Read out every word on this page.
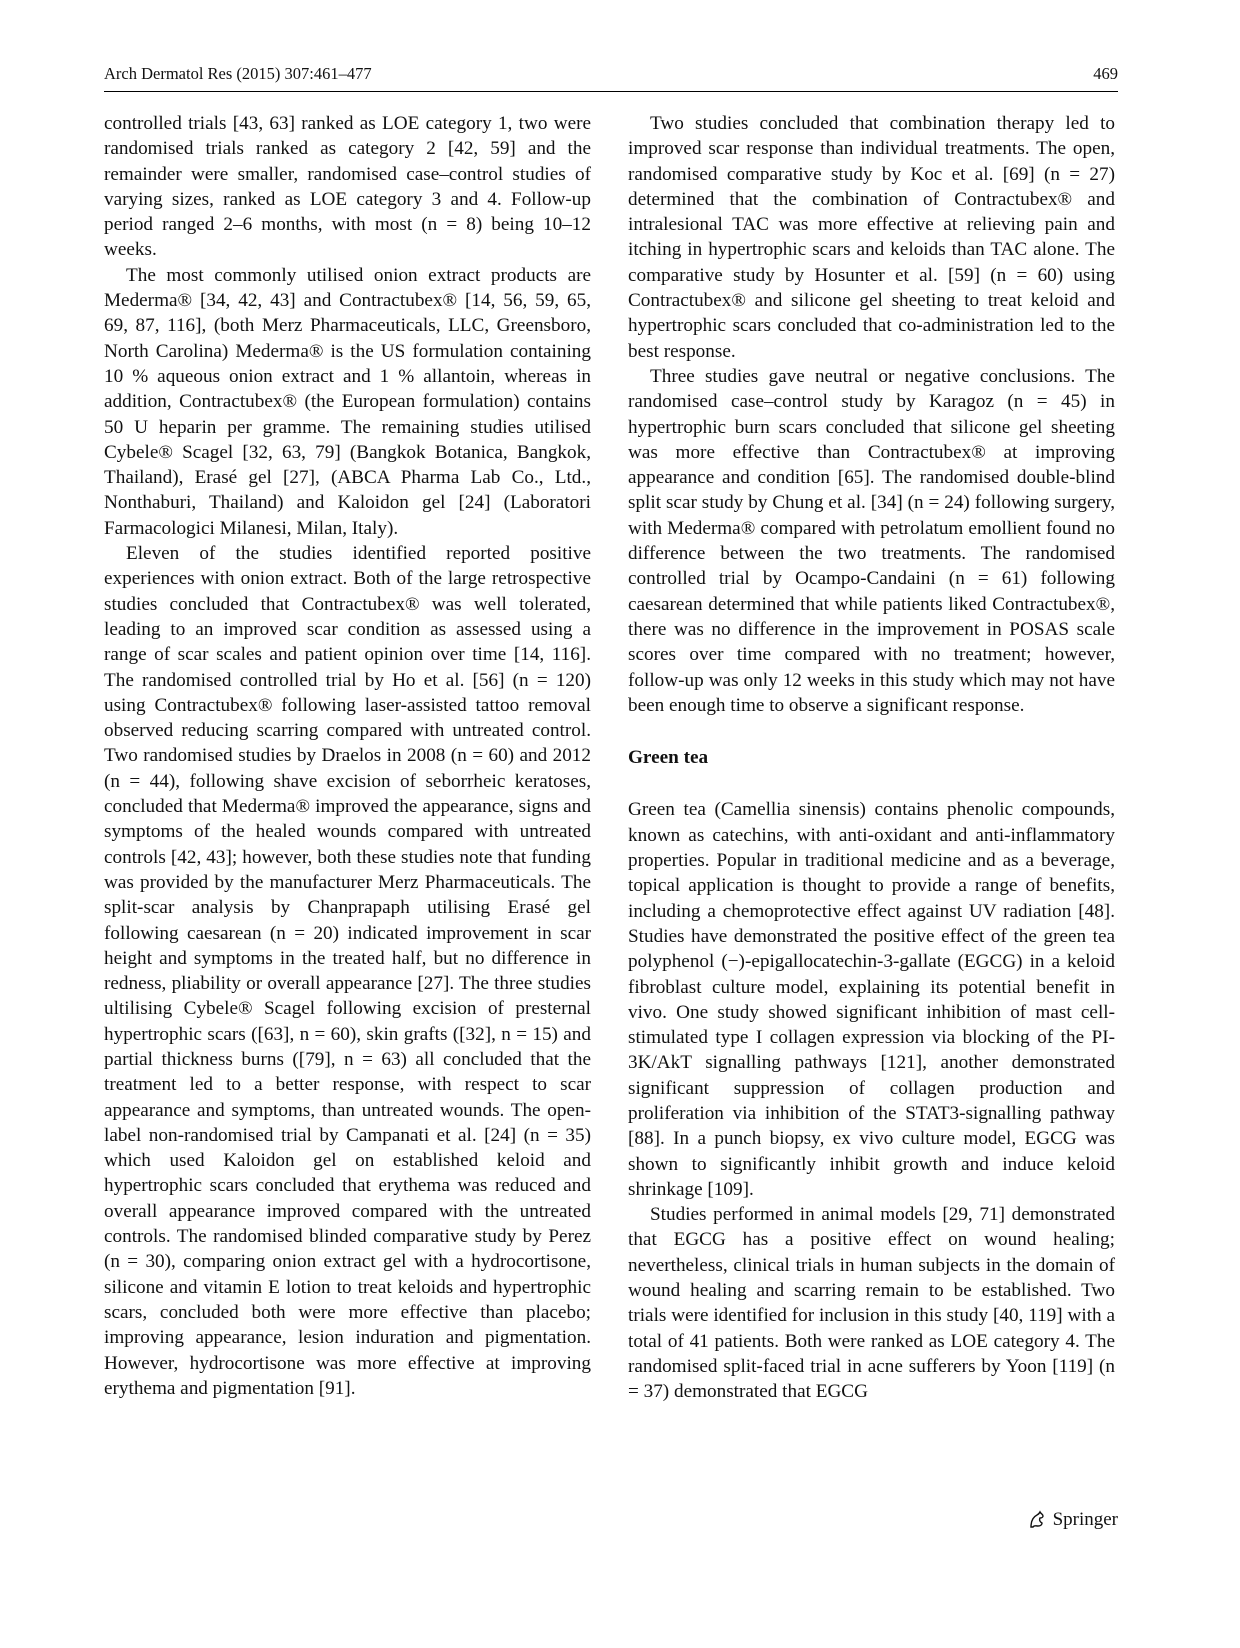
Arch Dermatol Res (2015) 307:461–477	469

controlled trials [43, 63] ranked as LOE category 1, two were randomised trials ranked as category 2 [42, 59] and the remainder were smaller, randomised case–control studies of varying sizes, ranked as LOE category 3 and 4. Follow-up period ranged 2–6 months, with most (n = 8) being 10–12 weeks.

The most commonly utilised onion extract products are Mederma® [34, 42, 43] and Contractubex® [14, 56, 59, 65, 69, 87, 116], (both Merz Pharmaceuticals, LLC, Greensboro, North Carolina) Mederma® is the US formulation containing 10 % aqueous onion extract and 1 % allantoin, whereas in addition, Contractubex® (the European formulation) contains 50 U heparin per gramme. The remaining studies utilised Cybele® Scagel [32, 63, 79] (Bangkok Botanica, Bangkok, Thailand), Erasé gel [27], (ABCA Pharma Lab Co., Ltd., Nonthaburi, Thailand) and Kaloidon gel [24] (Laboratori Farmacologici Milanesi, Milan, Italy).

Eleven of the studies identified reported positive experiences with onion extract. Both of the large retrospective studies concluded that Contractubex® was well tolerated, leading to an improved scar condition as assessed using a range of scar scales and patient opinion over time [14, 116]. The randomised controlled trial by Ho et al. [56] (n = 120) using Contractubex® following laser-assisted tattoo removal observed reducing scarring compared with untreated control. Two randomised studies by Draelos in 2008 (n = 60) and 2012 (n = 44), following shave excision of seborrheic keratoses, concluded that Mederma® improved the appearance, signs and symptoms of the healed wounds compared with untreated controls [42, 43]; however, both these studies note that funding was provided by the manufacturer Merz Pharmaceuticals. The split-scar analysis by Chanprapaph utilising Erasé gel following caesarean (n = 20) indicated improvement in scar height and symptoms in the treated half, but no difference in redness, pliability or overall appearance [27]. The three studies ultilising Cybele® Scagel following excision of presternal hypertrophic scars ([63], n = 60), skin grafts ([32], n = 15) and partial thickness burns ([79], n = 63) all concluded that the treatment led to a better response, with respect to scar appearance and symptoms, than untreated wounds. The open-label non-randomised trial by Campanati et al. [24] (n = 35) which used Kaloidon gel on established keloid and hypertrophic scars concluded that erythema was reduced and overall appearance improved compared with the untreated controls. The randomised blinded comparative study by Perez (n = 30), comparing onion extract gel with a hydrocortisone, silicone and vitamin E lotion to treat keloids and hypertrophic scars, concluded both were more effective than placebo; improving appearance, lesion induration and pigmentation. However, hydrocortisone was more effective at improving erythema and pigmentation [91].

Two studies concluded that combination therapy led to improved scar response than individual treatments. The open, randomised comparative study by Koc et al. [69] (n = 27) determined that the combination of Contractubex® and intralesional TAC was more effective at relieving pain and itching in hypertrophic scars and keloids than TAC alone. The comparative study by Hosunter et al. [59] (n = 60) using Contractubex® and silicone gel sheeting to treat keloid and hypertrophic scars concluded that co-administration led to the best response.

Three studies gave neutral or negative conclusions. The randomised case–control study by Karagoz (n = 45) in hypertrophic burn scars concluded that silicone gel sheeting was more effective than Contractubex® at improving appearance and condition [65]. The randomised double-blind split scar study by Chung et al. [34] (n = 24) following surgery, with Mederma® compared with petrolatum emollient found no difference between the two treatments. The randomised controlled trial by Ocampo-Candaini (n = 61) following caesarean determined that while patients liked Contractubex®, there was no difference in the improvement in POSAS scale scores over time compared with no treatment; however, follow-up was only 12 weeks in this study which may not have been enough time to observe a significant response.

Green tea

Green tea (Camellia sinensis) contains phenolic compounds, known as catechins, with anti-oxidant and anti-inflammatory properties. Popular in traditional medicine and as a beverage, topical application is thought to provide a range of benefits, including a chemoprotective effect against UV radiation [48]. Studies have demonstrated the positive effect of the green tea polyphenol (−)-epigallocatechin-3-gallate (EGCG) in a keloid fibroblast culture model, explaining its potential benefit in vivo. One study showed significant inhibition of mast cell-stimulated type I collagen expression via blocking of the PI-3K/AkT signalling pathways [121], another demonstrated significant suppression of collagen production and proliferation via inhibition of the STAT3-signalling pathway [88]. In a punch biopsy, ex vivo culture model, EGCG was shown to significantly inhibit growth and induce keloid shrinkage [109].

Studies performed in animal models [29, 71] demonstrated that EGCG has a positive effect on wound healing; nevertheless, clinical trials in human subjects in the domain of wound healing and scarring remain to be established. Two trials were identified for inclusion in this study [40, 119] with a total of 41 patients. Both were ranked as LOE category 4. The randomised split-faced trial in acne sufferers by Yoon [119] (n = 37) demonstrated that EGCG

Springer
